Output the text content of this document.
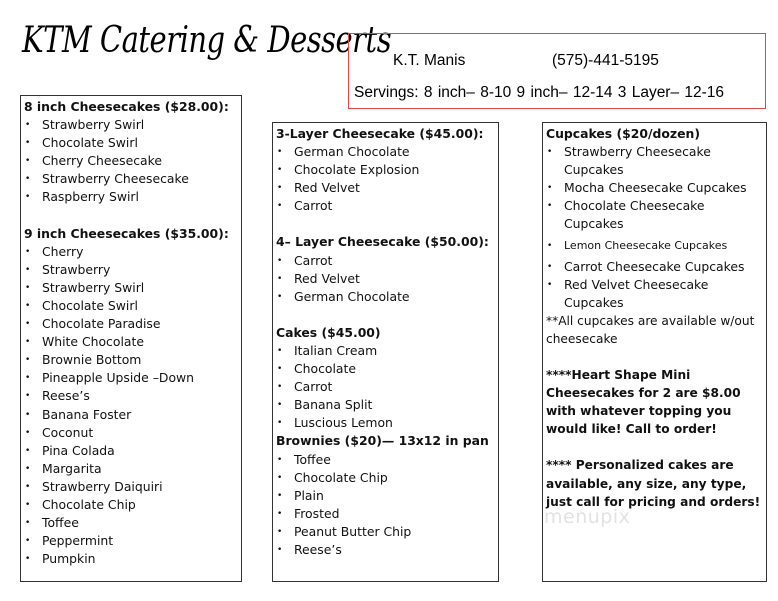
KTM Catering & Desserts K.T. Manis	(575)-441-5195
Servings: 8 inch– 8-10 9 inch– 12-14 3 Layer– 12-16
8 inch Cheesecakes ($28.00):
• Strawberry Swirl
• Chocolate Swirl
• Cherry Cheesecake
• Strawberry Cheesecake
• Raspberry Swirl
9 inch Cheesecakes ($35.00):
• Cherry
• Strawberry
• Strawberry Swirl
• Chocolate Swirl
• Chocolate Paradise
• White Chocolate
• Brownie Bottom
• Pineapple Upside –Down
• Reese’s
• Banana Foster
• Coconut
• Pina Colada
• Margarita
• Strawberry Daiquiri
• Chocolate Chip
• Toffee
• Peppermint
• Pumpkin
3-Layer Cheesecake ($45.00):
• German Chocolate
• Chocolate Explosion
• Red Velvet
• Carrot
4– Layer Cheesecake ($50.00):
• Carrot
• Red Velvet
• German Chocolate
Cakes ($45.00)
• Italian Cream
• Chocolate
• Carrot
• Banana Split
• Luscious Lemon
Brownies ($20)— 13x12 in pan
• Toffee
• Chocolate Chip
• Plain
• Frosted
• Peanut Butter Chip
• Reese’s
Cupcakes ($20/dozen)
• Strawberry Cheesecake Cupcakes
• Mocha Cheesecake Cupcakes
• Chocolate Cheesecake Cupcakes
• Lemon Cheesecake Cupcakes
• Carrot Cheesecake Cupcakes
• Red Velvet Cheesecake Cupcakes
**All cupcakes are available w/out cheesecake
****Heart Shape Mini Cheesecakes for 2 are $8.00 with whatever topping you would like! Call to order!
**** Personalized cakes are available, any size, any type, just call for pricing and orders!
menupix
